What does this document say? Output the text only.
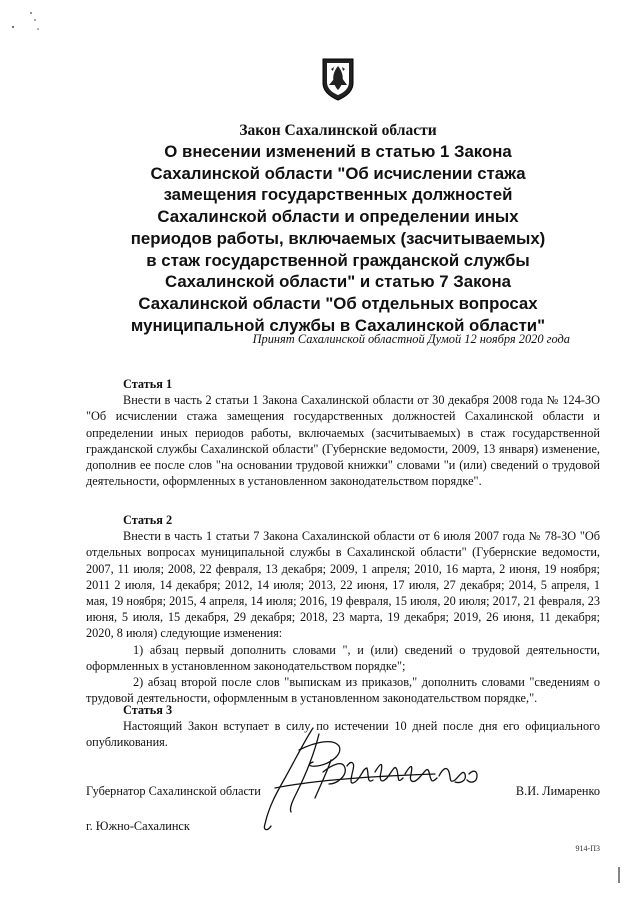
Закон Сахалинской области

О внесении изменений в статью 1 Закона

Сахалинской области "Об исчислении стажа

замещения государственных должностей

Сахалинской области и определении иных

периодов работы, включаемых (засчитываемых)

в стаж государственной гражданской службы

Сахалинской области" и статью 7 Закона

Сахалинской области "Об отдельных вопросах

муниципальной службы в Сахалинской области"

Принят Сахалинской областной Думой 12 ноября 2020 года
Статья 1

Внести в часть 2 статьи 1 Закона Сахалинской области от 30 декабря 2008 года № 124-ЗО "Об исчислении стажа замещения государственных должностей Сахалинской области и определении иных периодов работы, включаемых (засчитываемых) в стаж государственной гражданской службы Сахалинской области" (Губернские ведомости, 2009, 13 января) изменение, дополнив ее после слов "на основании трудовой книжки" словами "и (или) сведений о трудовой деятельности, оформленных в установленном законодательством порядке".

Статья 2

Внести в часть 1 статьи 7 Закона Сахалинской области от 6 июля 2007 года № 78-ЗО "Об отдельных вопросах муниципальной службы в Сахалинской области" (Губернские ведомости, 2007, 11 июля; 2008, 22 февраля, 13 декабря; 2009, 1 апреля; 2010, 16 марта, 2 июня, 19 ноября; 2011 2 июля, 14 декабря; 2012, 14 июля; 2013, 22 июня, 17 июля, 27 декабря; 2014, 5 апреля, 1 мая, 19 ноября; 2015, 4 апреля, 14 июля; 2016, 19 февраля, 15 июля, 20 июля; 2017, 21 февраля, 23 июня, 5 июля, 15 декабря, 29 декабря; 2018, 23 марта, 19 декабря; 2019, 26 июня, 11 декабря; 2020, 8 июля) следующие изменения:

1) абзац первый дополнить словами ", и (или) сведений о трудовой деятельности, оформленных в установленном законодательством порядке";

2) абзац второй после слов "выпискам из приказов," дополнить словами "сведениям о трудовой деятельности, оформленным в установленном законодательством порядке,".

Статья 3

Настоящий Закон вступает в силу по истечении 10 дней после дня его официального опубликования.

Губернатор Сахалинской области	В.И. Лимаренко
г. Южно-Сахалинск
914-П3
